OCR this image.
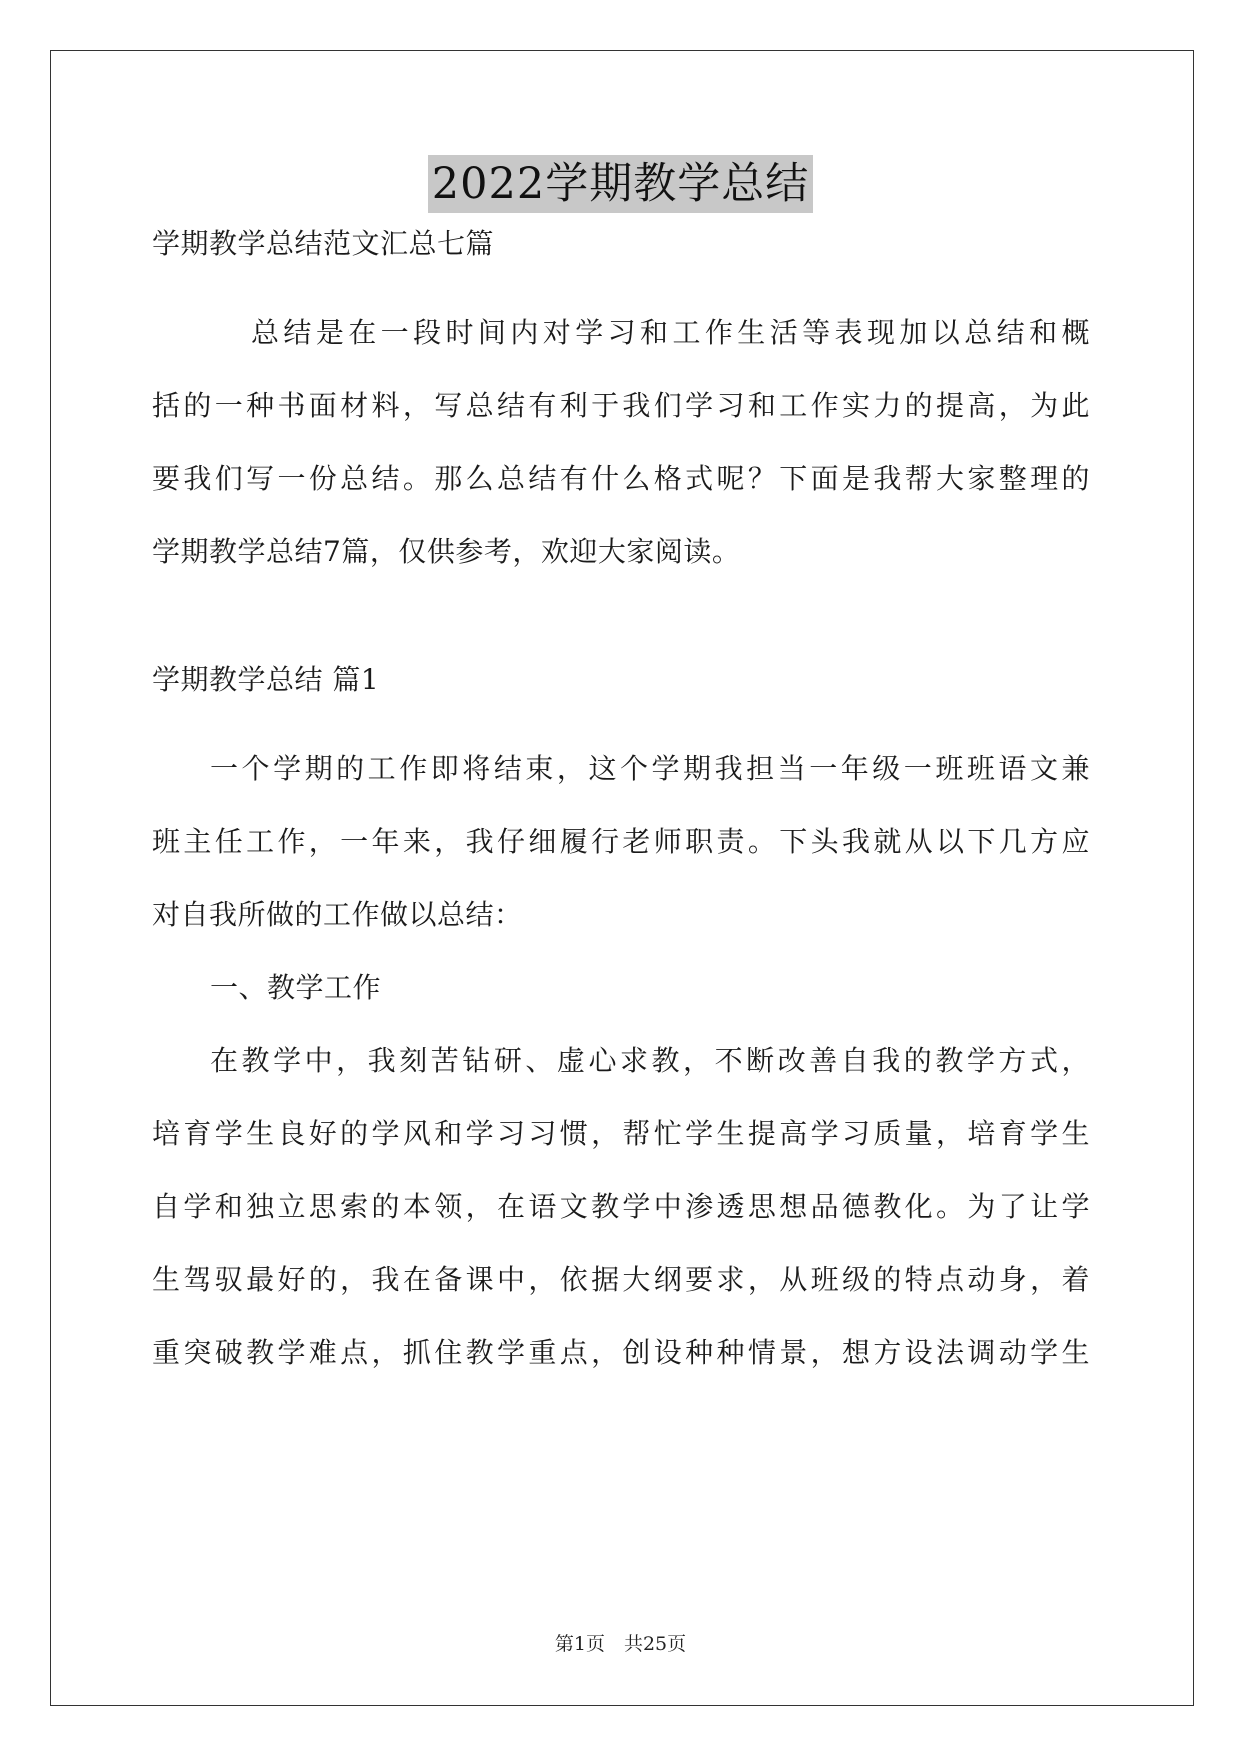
2022学期教学总结
学期教学总结范文汇总七篇
总结是在一段时间内对学习和工作生活等表现加以总结和概
括的一种书面材料，写总结有利于我们学习和工作实力的提高，为此
要我们写一份总结。那么总结有什么格式呢？下面是我帮大家整理的
学期教学总结7篇，仅供参考，欢迎大家阅读。
学期教学总结 篇1
一个学期的工作即将结束，这个学期我担当一年级一班班语文兼
班主任工作，一年来，我仔细履行老师职责。下头我就从以下几方应
对自我所做的工作做以总结：
一、教学工作
在教学中，我刻苦钻研、虚心求教，不断改善自我的教学方式，
培育学生良好的学风和学习习惯，帮忙学生提高学习质量，培育学生
自学和独立思索的本领，在语文教学中渗透思想品德教化。为了让学
生驾驭最好的，我在备课中，依据大纲要求，从班级的特点动身，着
重突破教学难点，抓住教学重点，创设种种情景，想方设法调动学生
第1页　共25页
